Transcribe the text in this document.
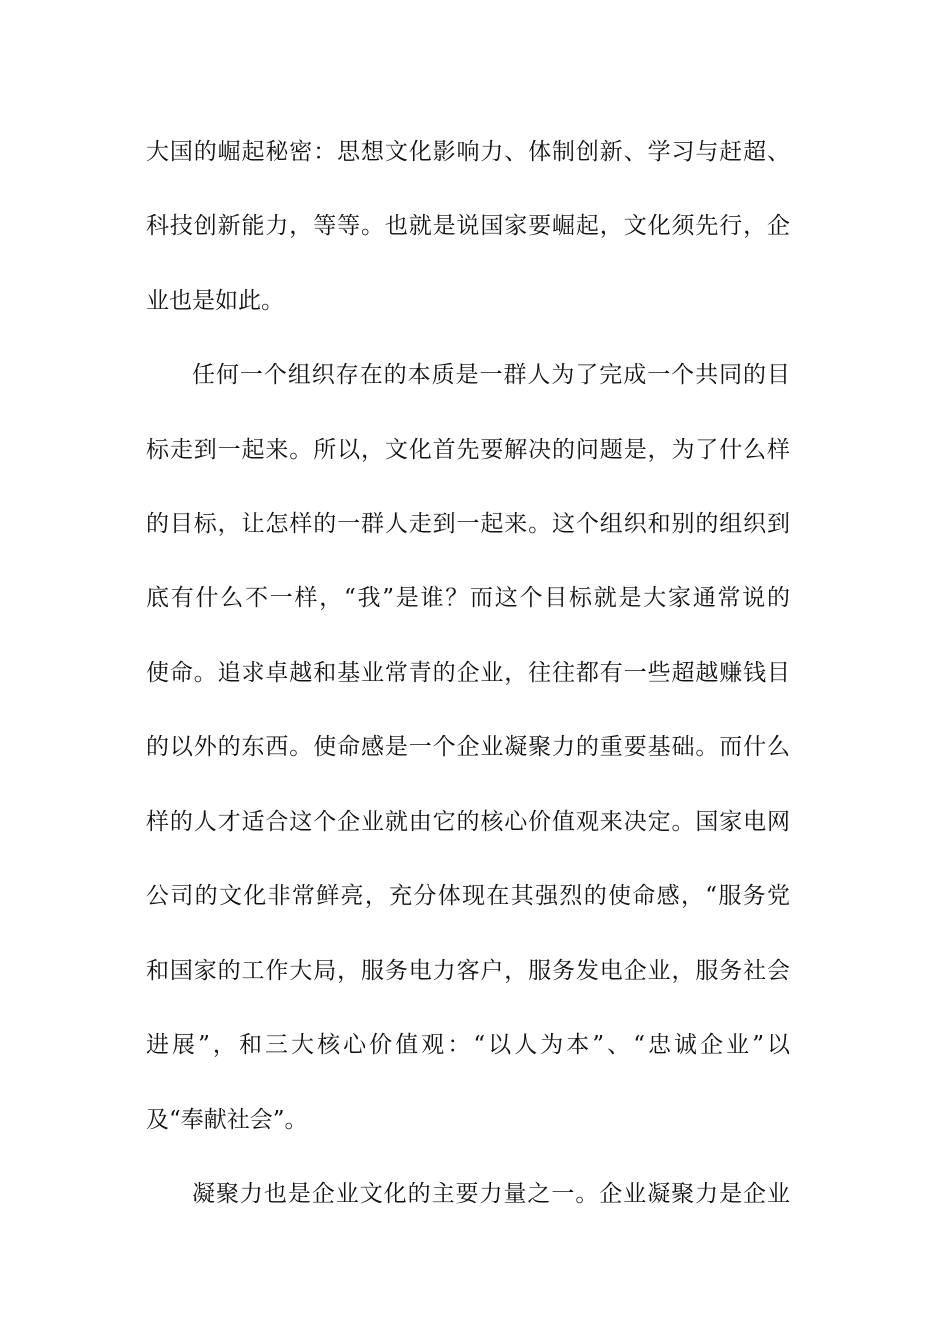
大国的崛起秘密：思想文化影响力、体制创新、学习与赶超、
科技创新能力，等等。也就是说国家要崛起，文化须先行，企
业也是如此。
任何一个组织存在的本质是一群人为了完成一个共同的目
标走到一起来。所以，文化首先要解决的问题是，为了什么样
的目标，让怎样的一群人走到一起来。这个组织和别的组织到
底有什么不一样，“我”是谁？而这个目标就是大家通常说的
使命。追求卓越和基业常青的企业，往往都有一些超越赚钱目
的以外的东西。使命感是一个企业凝聚力的重要基础。而什么
样的人才适合这个企业就由它的核心价值观来决定。国家电网
公司的文化非常鲜亮，充分体现在其强烈的使命感，“服务党
和国家的工作大局，服务电力客户，服务发电企业，服务社会
进展”，和三大核心价值观：“以人为本”、“忠诚企业”以
及“奉献社会”。
凝聚力也是企业文化的主要力量之一。企业凝聚力是企业
